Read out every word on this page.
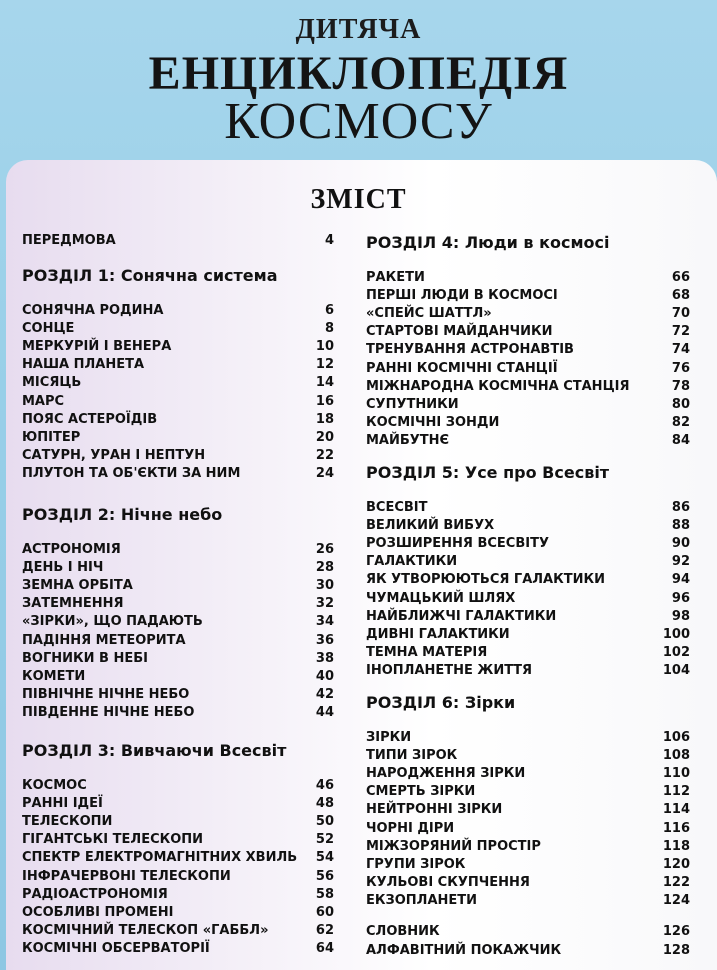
ДИТЯЧА
ЕНЦИКЛОПЕДІЯ
КОСМОСУ
ЗМІСТ
ПЕРЕДМОВА	4
РОЗДІЛ 1: Сонячна система
СОНЯЧНА РОДИНА	6
СОНЦЕ	8
МЕРКУРІЙ І ВЕНЕРА	10
НАША ПЛАНЕТА	12
МІСЯЦЬ	14
МАРС	16
ПОЯС АСТЕРОЇДІВ	18
ЮПІТЕР	20
САТУРН, УРАН І НЕПТУН	22
ПЛУТОН ТА ОБ'ЄКТИ ЗА НИМ	24
РОЗДІЛ 2: Нічне небо
АСТРОНОМІЯ	26
ДЕНЬ І НІЧ	28
ЗЕМНА ОРБІТА	30
ЗАТЕМНЕННЯ	32
«ЗІРКИ», ЩО ПАДАЮТЬ	34
ПАДІННЯ МЕТЕОРИТА	36
ВОГНИКИ В НЕБІ	38
КОМЕТИ	40
ПІВНІЧНЕ НІЧНЕ НЕБО	42
ПІВДЕННЕ НІЧНЕ НЕБО	44
РОЗДІЛ 3: Вивчаючи Всесвіт
КОСМОС	46
РАННІ ІДЕЇ	48
ТЕЛЕСКОПИ	50
ГІГАНТСЬКІ ТЕЛЕСКОПИ	52
СПЕКТР ЕЛЕКТРОМАГНІТНИХ ХВИЛЬ 54
ІНФРАЧЕРВОНІ ТЕЛЕСКОПИ	56
РАДІОАСТРОНОМІЯ	58
ОСОБЛИВІ ПРОМЕНІ	60
КОСМІЧНИЙ ТЕЛЕСКОП «ГАББЛ»	62
КОСМІЧНІ ОБСЕРВАТОРІЇ	64
РОЗДІЛ 4: Люди в космосі
РАКЕТИ	66
ПЕРШІ ЛЮДИ В КОСМОСІ	68
«СПЕЙС ШАТТЛ»	70
СТАРТОВІ МАЙДАНЧИКИ	72
ТРЕНУВАННЯ АСТРОНАВТІВ	74
РАННІ КОСМІЧНІ СТАНЦІЇ	76
МІЖНАРОДНА КОСМІЧНА СТАНЦІЯ	78
СУПУТНИКИ	80
КОСМІЧНІ ЗОНДИ	82
МАЙБУТНЄ	84
РОЗДІЛ 5: Усе про Всесвіт
ВСЕСВІТ	86
ВЕЛИКИЙ ВИБУХ	88
РОЗШИРЕННЯ ВСЕСВІТУ	90
ГАЛАКТИКИ	92
ЯК УТВОРЮЮТЬСЯ ГАЛАКТИКИ	94
ЧУМАЦЬКИЙ ШЛЯХ	96
НАЙБЛИЖЧІ ГАЛАКТИКИ	98
ДИВНІ ГАЛАКТИКИ	100
ТЕМНА МАТЕРІЯ	102
ІНОПЛАНЕТНЕ ЖИТТЯ	104
РОЗДІЛ 6: Зірки
ЗІРКИ	106
ТИПИ ЗІРОК	108
НАРОДЖЕННЯ ЗІРКИ	110
СМЕРТЬ ЗІРКИ	112
НЕЙТРОННІ ЗІРКИ	114
ЧОРНІ ДІРИ	116
МІЖЗОРЯНИЙ ПРОСТІР	118
ГРУПИ ЗІРОК	120
КУЛЬОВІ СКУПЧЕННЯ	122
ЕКЗОПЛАНЕТИ	124
СЛОВНИК	126
АЛФАВІТНИЙ ПОКАЖЧИК	128
